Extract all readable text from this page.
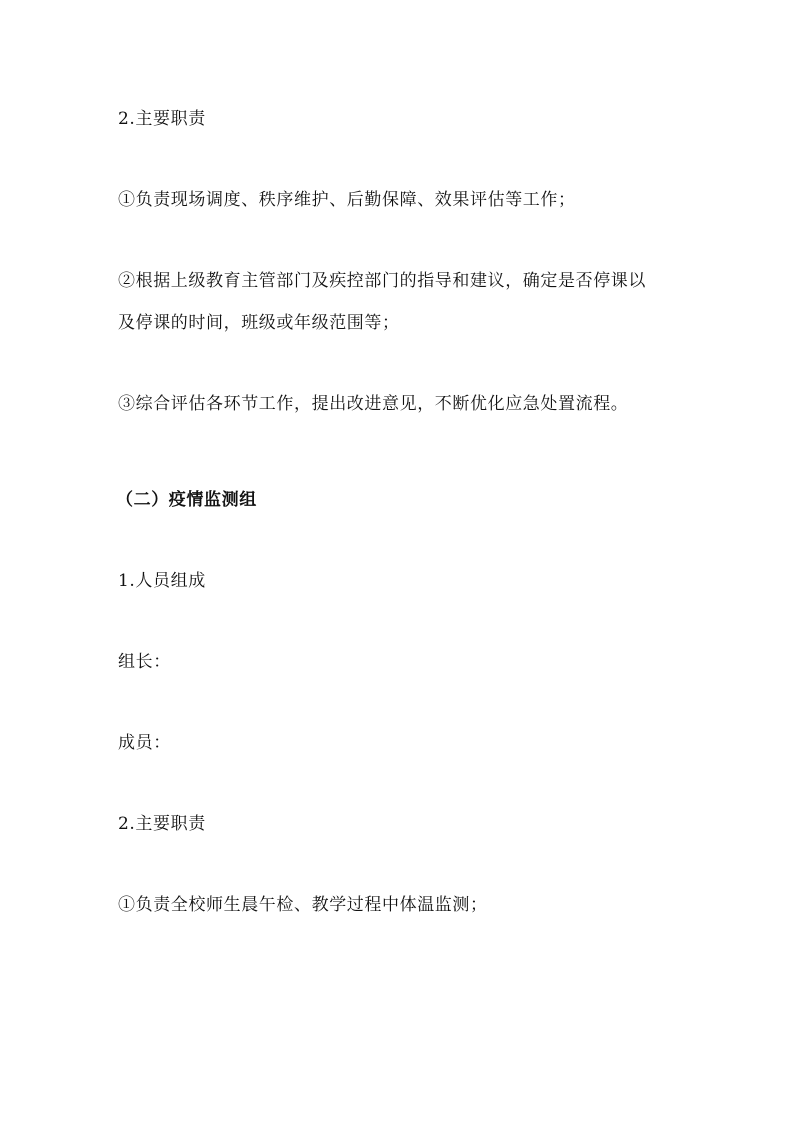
2.主要职责
①负责现场调度、秩序维护、后勤保障、效果评估等工作；
②根据上级教育主管部门及疾控部门的指导和建议，确定是否停课以
及停课的时间，班级或年级范围等；
③综合评估各环节工作，提出改进意见，不断优化应急处置流程。
（二）疫情监测组
1.人员组成
组长：
成员：
2.主要职责
①负责全校师生晨午检、教学过程中体温监测；
